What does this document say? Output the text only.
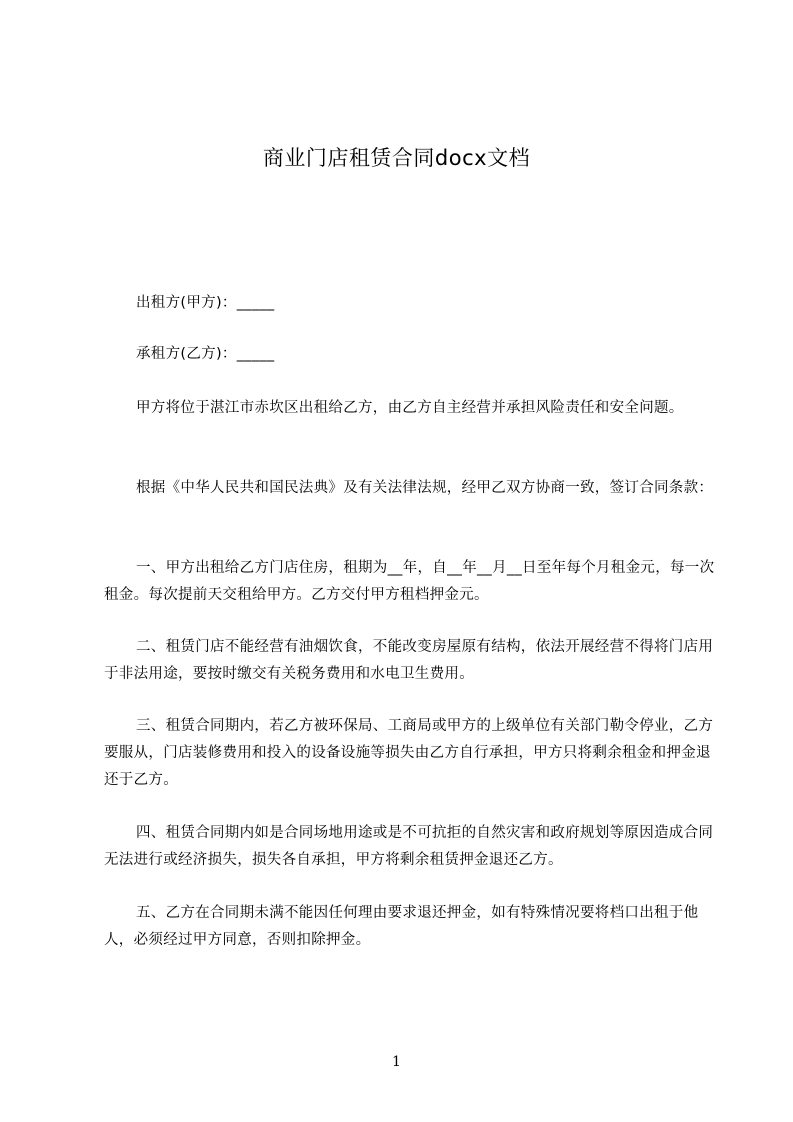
商业门店租赁合同docx文档
出租方(甲方)：_____
承租方(乙方)：_____
甲方将位于湛江市赤坎区出租给乙方，由乙方自主经营并承担风险责任和安全问题。
根据《中华人民共和国民法典》及有关法律法规，经甲乙双方协商一致，签订合同条款：
一、甲方出租给乙方门店住房，租期为__年，自__年__月__日至年每个月租金元，每一次租金。每次提前天交租给甲方。乙方交付甲方租档押金元。
二、租赁门店不能经营有油烟饮食，不能改变房屋原有结构，依法开展经营不得将门店用于非法用途，要按时缴交有关税务费用和水电卫生费用。
三、租赁合同期内，若乙方被环保局、工商局或甲方的上级单位有关部门勒令停业，乙方要服从，门店装修费用和投入的设备设施等损失由乙方自行承担，甲方只将剩余租金和押金退还于乙方。
四、租赁合同期内如是合同场地用途或是不可抗拒的自然灾害和政府规划等原因造成合同无法进行或经济损失，损失各自承担，甲方将剩余租赁押金退还乙方。
五、乙方在合同期未满不能因任何理由要求退还押金，如有特殊情况要将档口出租于他人，必须经过甲方同意，否则扣除押金。
1
